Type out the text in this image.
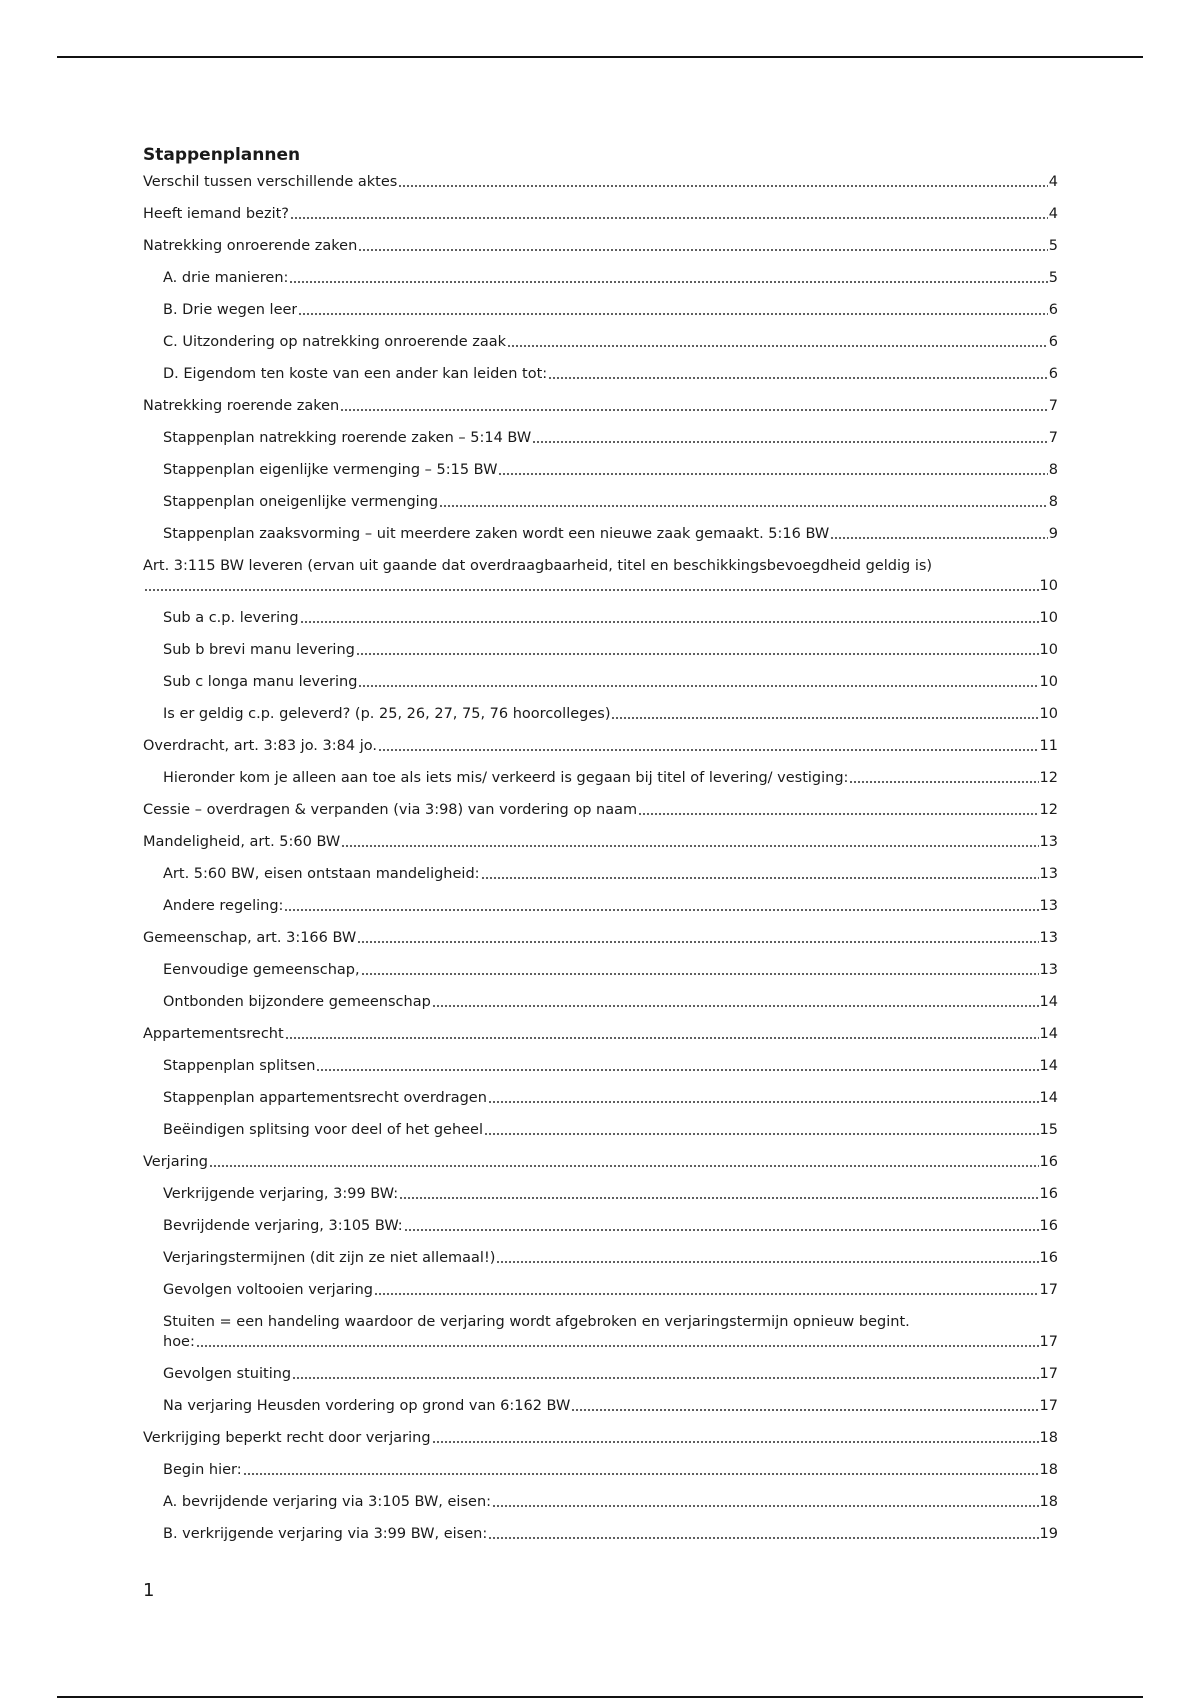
Stappenplannen
Verschil tussen verschillende aktes	4
Heeft iemand bezit?	4
Natrekking onroerende zaken	5
A. drie manieren:	5
B. Drie wegen leer	6
C. Uitzondering op natrekking onroerende zaak	6
D. Eigendom ten koste van een ander kan leiden tot:	6
Natrekking roerende zaken	7
Stappenplan natrekking roerende zaken – 5:14 BW	7
Stappenplan eigenlijke vermenging – 5:15 BW	8
Stappenplan oneigenlijke vermenging	8
Stappenplan zaaksvorming – uit meerdere zaken wordt een nieuwe zaak gemaakt. 5:16 BW	9
Art. 3:115 BW leveren (ervan uit gaande dat overdraagbaarheid, titel en beschikkingsbevoegdheid geldig is)
10
Sub a c.p. levering	10
Sub b brevi manu levering	10
Sub c longa manu levering	10
Is er geldig c.p. geleverd? (p. 25, 26, 27, 75, 76 hoorcolleges)	10
Overdracht, art. 3:83 jo. 3:84 jo.	11
Hieronder kom je alleen aan toe als iets mis/ verkeerd is gegaan bij titel of levering/ vestiging:	12
Cessie – overdragen & verpanden (via 3:98) van vordering op naam	12
Mandeligheid, art. 5:60 BW	13
Art. 5:60 BW, eisen ontstaan mandeligheid:	13
Andere regeling:	13
Gemeenschap, art. 3:166 BW	13
Eenvoudige gemeenschap,	13
Ontbonden bijzondere gemeenschap	14
Appartementsrecht	14
Stappenplan splitsen	14
Stappenplan appartementsrecht overdragen	14
Beëindigen splitsing voor deel of het geheel	15
Verjaring	16
Verkrijgende verjaring, 3:99 BW:	16
Bevrijdende verjaring, 3:105 BW:	16
Verjaringstermijnen (dit zijn ze niet allemaal!)	16
Gevolgen voltooien verjaring	17
Stuiten = een handeling waardoor de verjaring wordt afgebroken en verjaringstermijn opnieuw begint.
hoe:	17
Gevolgen stuiting	17
Na verjaring Heusden vordering op grond van 6:162 BW	17
Verkrijging beperkt recht door verjaring	18
Begin hier:	18
A. bevrijdende verjaring via 3:105 BW, eisen:	18
B. verkrijgende verjaring via 3:99 BW, eisen:	19
1
